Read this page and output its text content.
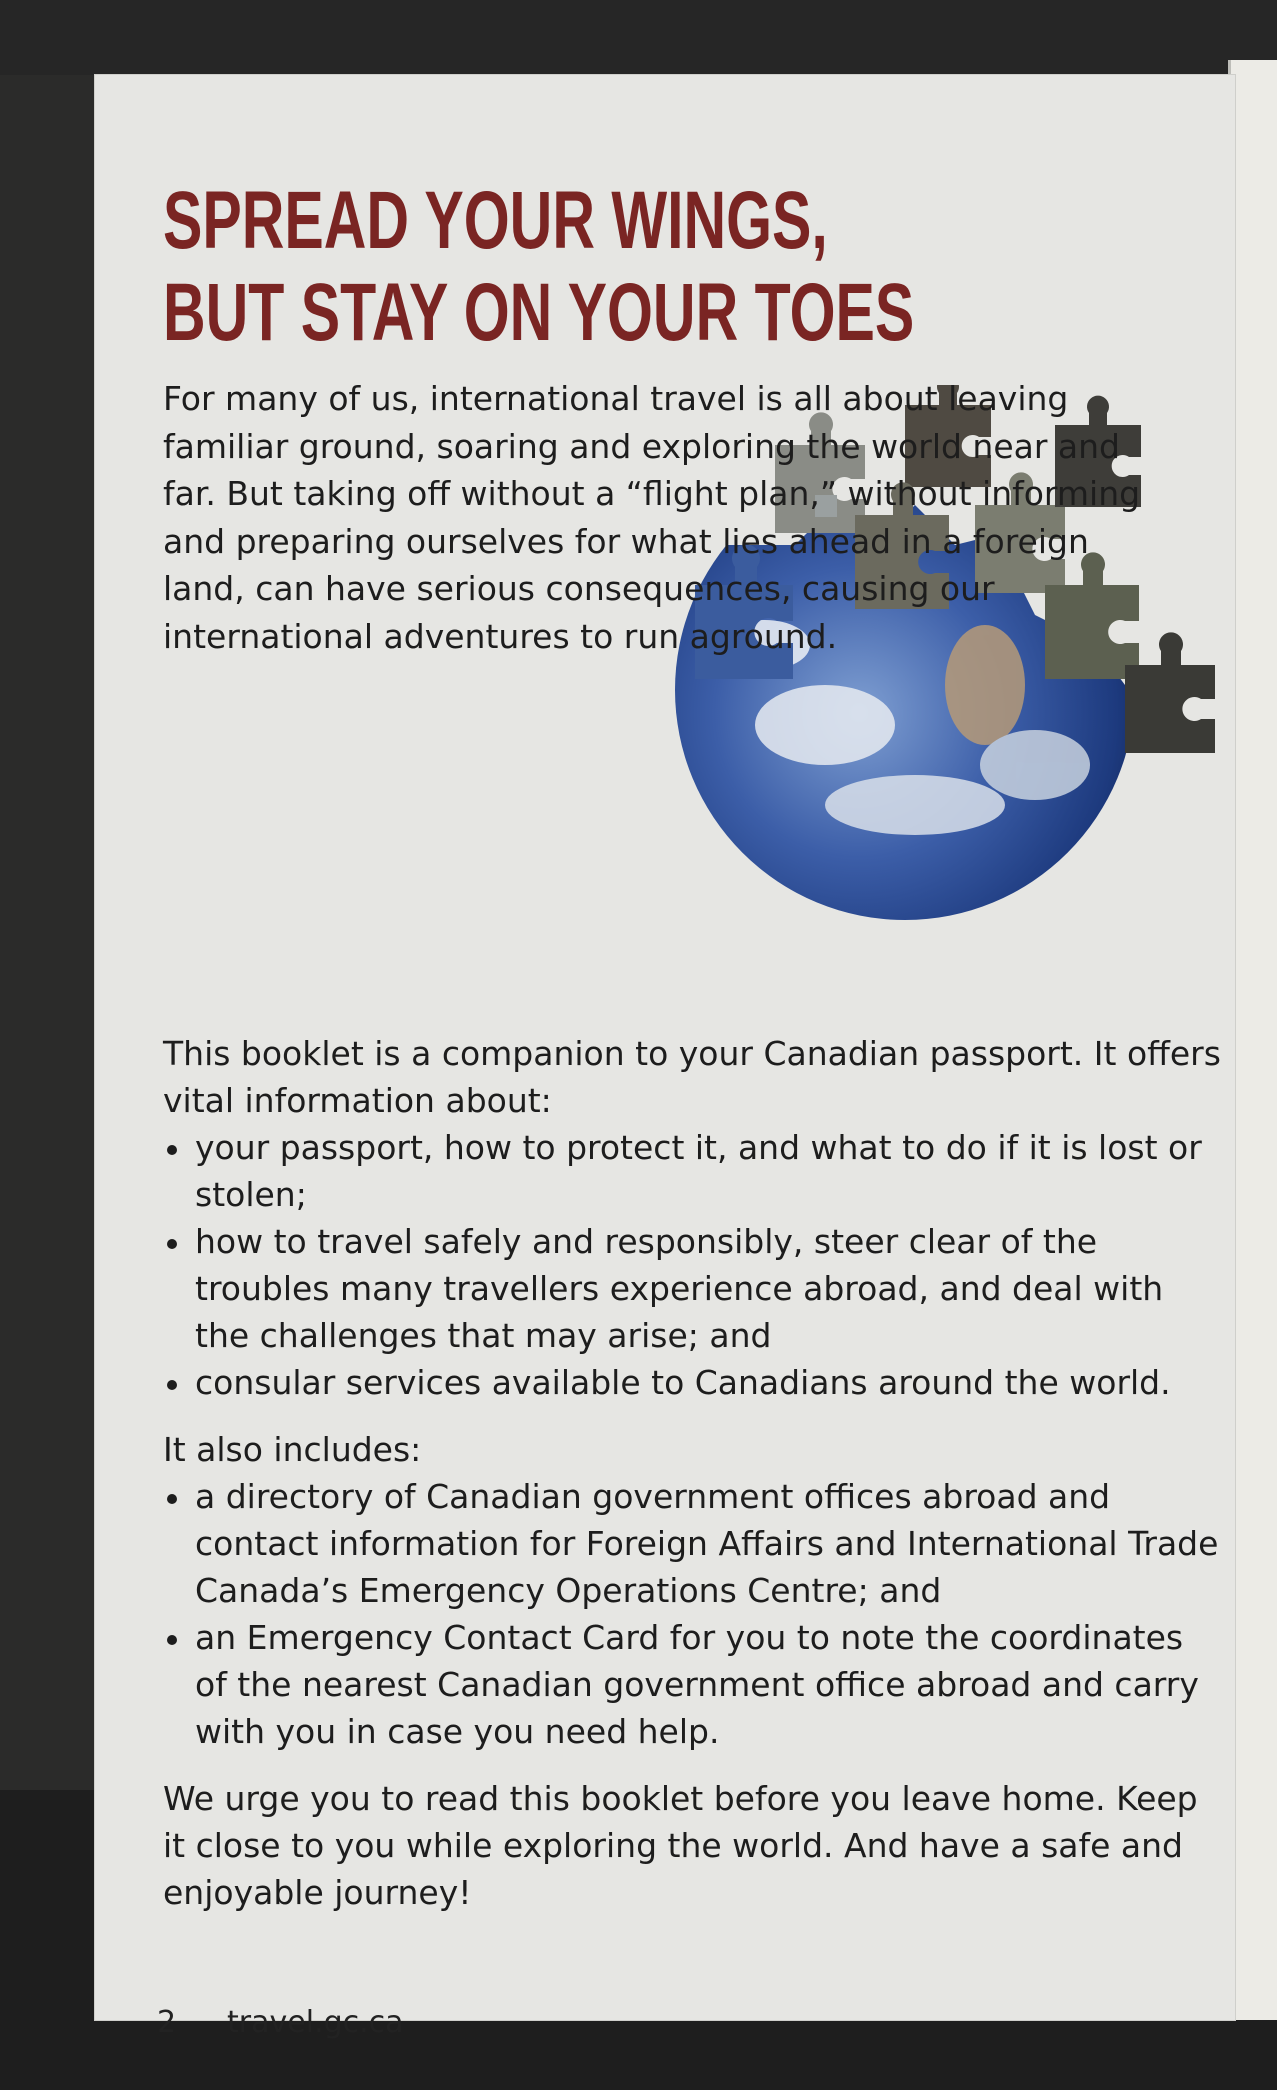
SPREAD YOUR WINGS,
BUT STAY ON YOUR TOES

For many of us, international travel is all about leaving familiar ground, soaring and exploring the world near and far. But taking off without a “flight plan,” without informing and preparing ourselves for what lies ahead in a foreign land, can have serious consequences, causing our international adventures to run aground.

This booklet is a companion to your Canadian passport. It offers vital information about:

your passport, how to protect it, and what to do if it is lost or stolen;
how to travel safely and responsibly, steer clear of the troubles many travellers experience abroad, and deal with the challenges that may arise; and
consular services available to Canadians around the world.

It also includes:

a directory of Canadian government offices abroad and contact information for Foreign Affairs and International Trade Canada’s Emergency Operations Centre; and
an Emergency Contact Card for you to note the coordinates of the nearest Canadian government office abroad and carry with you in case you need help.

We urge you to read this booklet before you leave home. Keep it close to you while exploring the world. And have a safe and enjoyable journey!

2 travel.gc.ca
